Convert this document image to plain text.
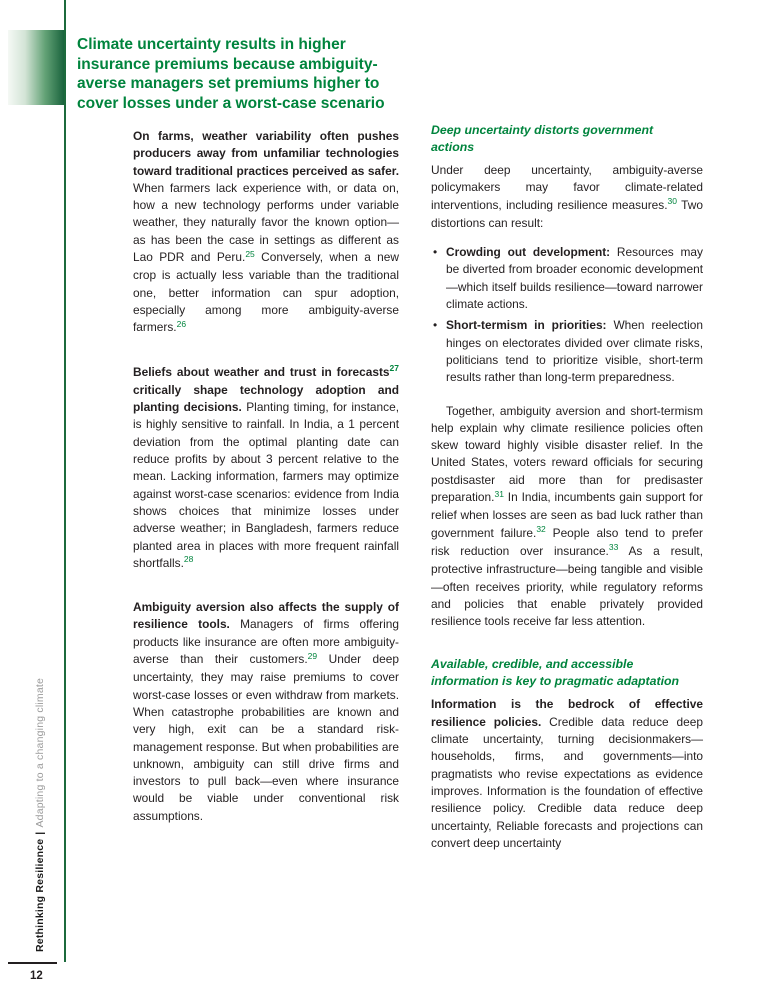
Climate uncertainty results in higher
insurance premiums because ambiguity-
averse managers set premiums higher to
cover losses under a worst-case scenario
On farms, weather variability often pushes producers away from unfamiliar technologies toward traditional practices perceived as safer. When farmers lack experience with, or data on, how a new technology performs under variable weather, they naturally favor the known option—as has been the case in settings as different as Lao PDR and Peru.$^{25}$ Conversely, when a new crop is actually less variable than the traditional one, better information can spur adoption, especially among more ambiguity-averse farmers.$^{26}$
Beliefs about weather and trust in forecasts$^{27}$ critically shape technology adoption and planting decisions. Planting timing, for instance, is highly sensitive to rainfall. In India, a 1 percent deviation from the optimal planting date can reduce profits by about 3 percent relative to the mean. Lacking information, farmers may optimize against worst-case scenarios: evidence from India shows choices that minimize losses under adverse weather; in Bangladesh, farmers reduce planted area in places with more frequent rainfall shortfalls.$^{28}$
Ambiguity aversion also affects the supply of resilience tools. Managers of firms offering products like insurance are often more ambiguity-averse than their customers.$^{29}$ Under deep uncertainty, they may raise premiums to cover worst-case losses or even withdraw from markets. When catastrophe probabilities are known and very high, exit can be a standard risk-management response. But when probabilities are unknown, ambiguity can still drive firms and investors to pull back—even where insurance would be viable under conventional risk assumptions.
Deep uncertainty distorts government
actions
Under deep uncertainty, ambiguity-averse policymakers may favor climate-related interventions, including resilience measures.$^{30}$ Two distortions can result:
• Crowding out development: Resources may be diverted from broader economic development—which itself builds resilience—toward narrower climate actions.
• Short-termism in priorities: When reelection hinges on electorates divided over climate risks, politicians tend to prioritize visible, short-term results rather than long-term preparedness.
Together, ambiguity aversion and short-termism help explain why climate resilience policies often skew toward highly visible disaster relief. In the United States, voters reward officials for securing postdisaster aid more than for predisaster preparation.$^{31}$ In India, incumbents gain support for relief when losses are seen as bad luck rather than government failure.$^{32}$ People also tend to prefer risk reduction over insurance.$^{33}$ As a result, protective infrastructure—being tangible and visible—often receives priority, while regulatory reforms and policies that enable privately provided resilience tools receive far less attention.
Available, credible, and accessible
information is key to pragmatic adaptation
Information is the bedrock of effective resilience policies. Credible data reduce deep climate uncertainty, turning decisionmakers—households, firms, and governments—into pragmatists who revise expectations as evidence improves. Information is the foundation of effective resilience policy. Credible data reduce deep uncertainty, Reliable forecasts and projections can convert deep uncertainty
Rethinking Resilience|Adapting to a changing climate
12
